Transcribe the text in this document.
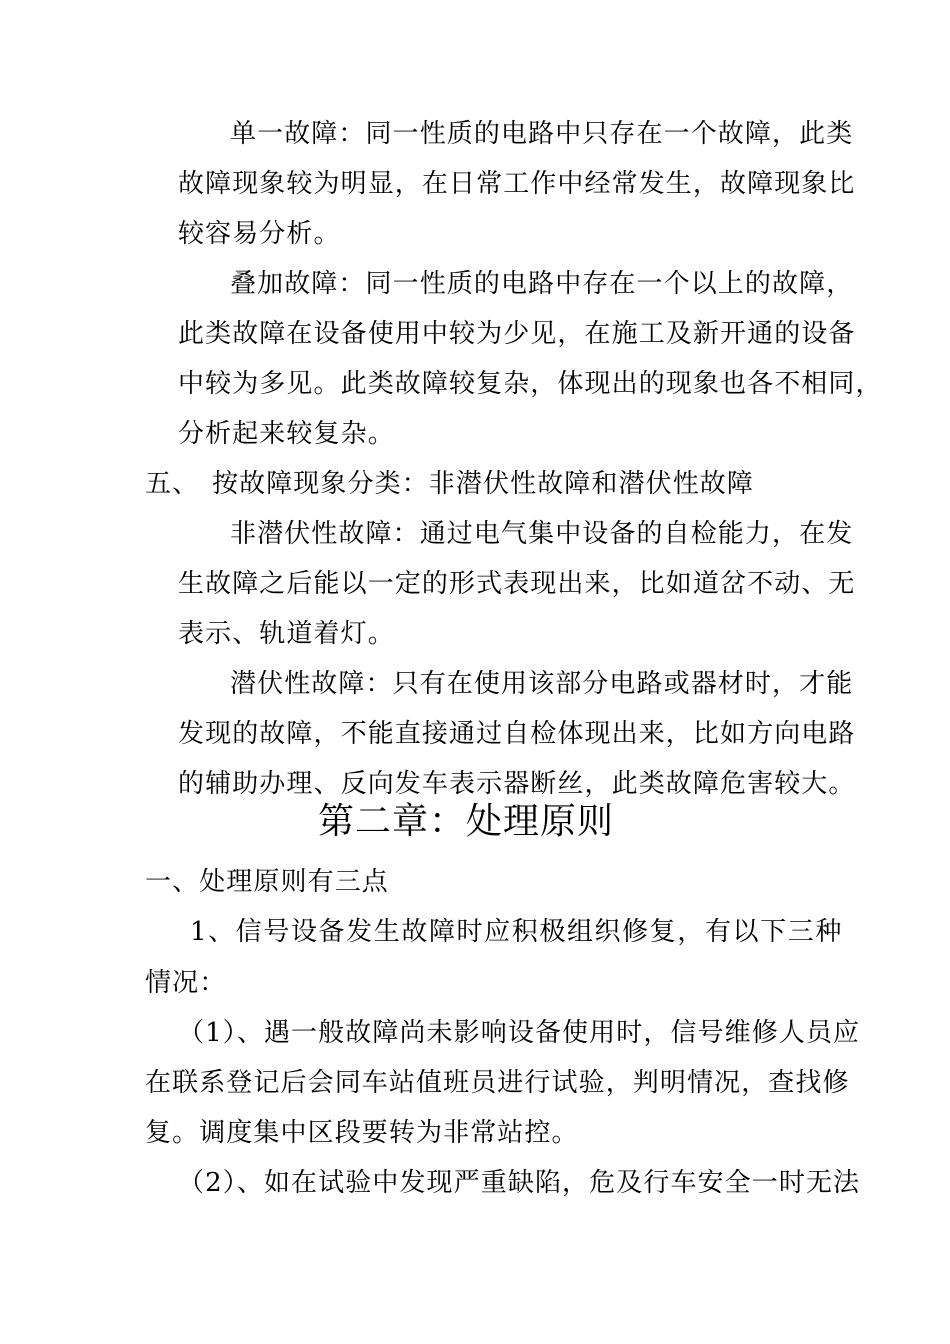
单一故障：同一性质的电路中只存在一个故障，此类
故障现象较为明显，在日常工作中经常发生，故障现象比
较容易分析。
叠加故障：同一性质的电路中存在一个以上的故障，
此类故障在设备使用中较为少见，在施工及新开通的设备
中较为多见。此类故障较复杂，体现出的现象也各不相同，
分析起来较复杂。
五、 按故障现象分类：非潜伏性故障和潜伏性故障
非潜伏性故障：通过电气集中设备的自检能力，在发
生故障之后能以一定的形式表现出来，比如道岔不动、无
表示、轨道着灯。
潜伏性故障：只有在使用该部分电路或器材时，才能
发现的故障，不能直接通过自检体现出来，比如方向电路
的辅助办理、反向发车表示器断丝，此类故障危害较大。
第二章：处理原则
一、处理原则有三点
1、信号设备发生故障时应积极组织修复，有以下三种
情况：
（1）、遇一般故障尚未影响设备使用时，信号维修人员应
在联系登记后会同车站值班员进行试验，判明情况，查找修
复。调度集中区段要转为非常站控。
（2）、如在试验中发现严重缺陷，危及行车安全一时无法
